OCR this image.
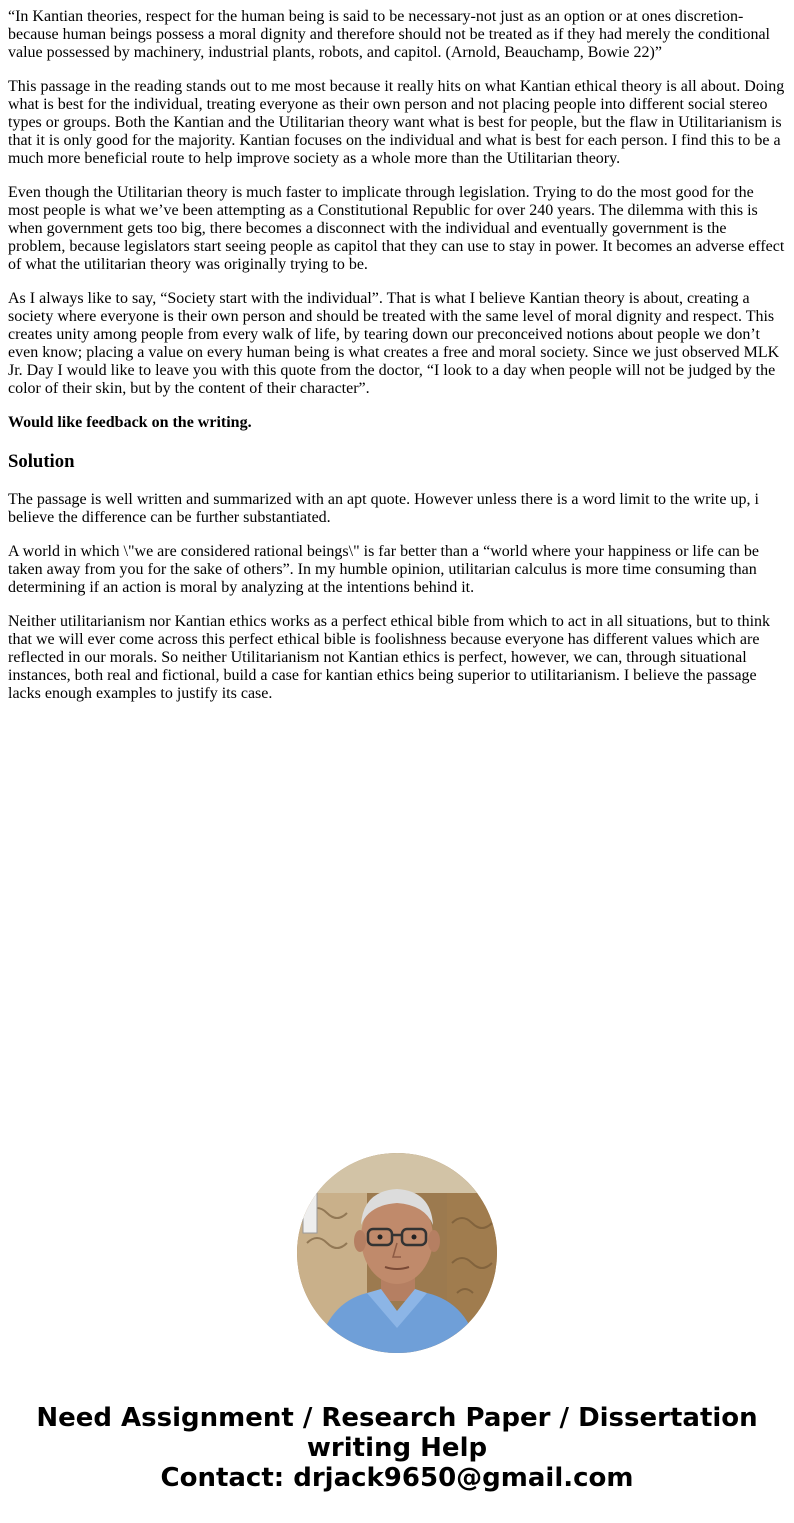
“In Kantian theories, respect for the human being is said to be necessary-not just as an option or at ones discretion-because human beings possess a moral dignity and therefore should not be treated as if they had merely the conditional value possessed by machinery, industrial plants, robots, and capitol. (Arnold, Beauchamp, Bowie 22)”

This passage in the reading stands out to me most because it really hits on what Kantian ethical theory is all about. Doing what is best for the individual, treating everyone as their own person and not placing people into different social stereo types or groups. Both the Kantian and the Utilitarian theory want what is best for people, but the flaw in Utilitarianism is that it is only good for the majority. Kantian focuses on the individual and what is best for each person. I find this to be a much more beneficial route to help improve society as a whole more than the Utilitarian theory.

Even though the Utilitarian theory is much faster to implicate through legislation. Trying to do the most good for the most people is what we’ve been attempting as a Constitutional Republic for over 240 years. The dilemma with this is when government gets too big, there becomes a disconnect with the individual and eventually government is the problem, because legislators start seeing people as capitol that they can use to stay in power. It becomes an adverse effect of what the utilitarian theory was originally trying to be.

As I always like to say, “Society start with the individual”. That is what I believe Kantian theory is about, creating a society where everyone is their own person and should be treated with the same level of moral dignity and respect. This creates unity among people from every walk of life, by tearing down our preconceived notions about people we don’t even know; placing a value on every human being is what creates a free and moral society. Since we just observed MLK Jr. Day I would like to leave you with this quote from the doctor, “I look to a day when people will not be judged by the color of their skin, but by the content of their character”.

Would like feedback on the writing.

Solution

The passage is well written and summarized with an apt quote. However unless there is a word limit to the write up, i believe the difference can be further substantiated.

A world in which \"we are considered rational beings\" is far better than a “world where your happiness or life can be taken away from you for the sake of others”. In my humble opinion, utilitarian calculus is more time consuming than determining if an action is moral by analyzing at the intentions behind it.

Neither utilitarianism nor Kantian ethics works as a perfect ethical bible from which to act in all situations, but to think that we will ever come across this perfect ethical bible is foolishness because everyone has different values which are reflected in our morals. So neither Utilitarianism not Kantian ethics is perfect, however, we can, through situational instances, both real and fictional, build a case for kantian ethics being superior to utilitarianism. I believe the passage lacks enough examples to justify its case.

Need Assignment / Research Paper / Dissertation
writing Help
Contact: drjack9650@gmail.com
